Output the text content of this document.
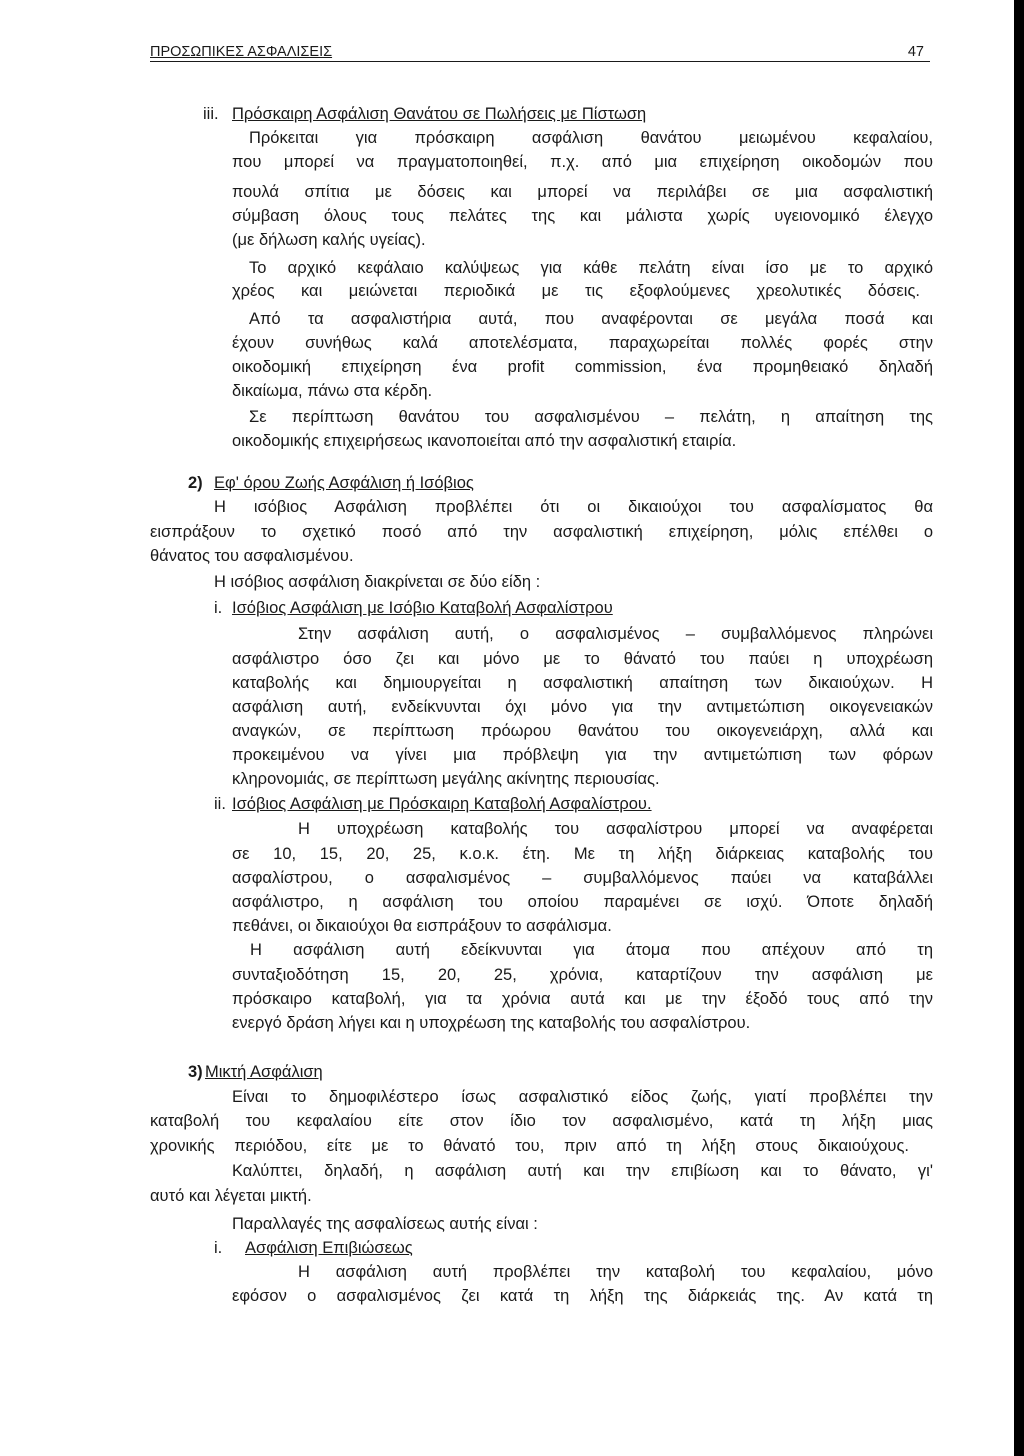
ΠΡΟΣΩΠΙΚΕΣ ΑΣΦΑΛΙΣΕΙΣ	47
iii. Πρόσκαιρη Ασφάλιση Θανάτου σε Πωλήσεις με Πίστωση
Πρόκειται για πρόσκαιρη ασφάλιση θανάτου μειωμένου κεφαλαίου,
που μπορεί να πραγματοποιηθεί, π.χ. από μια επιχείρηση οικοδομών που
πουλά σπίτια με δόσεις και μπορεί να περιλάβει σε μια ασφαλιστική
σύμβαση όλους τους πελάτες της και μάλιστα χωρίς υγειονομικό έλεγχο
(με δήλωση καλής υγείας).
Το αρχικό κεφάλαιο καλύψεως για κάθε πελάτη είναι ίσο με το αρχικό
χρέος και μειώνεται περιοδικά με τις εξοφλούμενες χρεολυτικές δόσεις.
Από τα ασφαλιστήρια αυτά, που αναφέρονται σε μεγάλα ποσά και
έχουν συνήθως καλά αποτελέσματα, παραχωρείται πολλές φορές στην
οικοδομική επιχείρηση ένα profit commission, ένα προμηθειακό δηλαδή
δικαίωμα, πάνω στα κέρδη.
Σε περίπτωση θανάτου του ασφαλισμένου – πελάτη, η απαίτηση της
οικοδομικής επιχειρήσεως ικανοποιείται από την ασφαλιστική εταιρία.
2) Εφ' όρου Ζωής Ασφάλιση ή Ισόβιος
Η ισόβιος Ασφάλιση προβλέπει ότι οι δικαιούχοι του ασφαλίσματος θα
εισπράξουν το σχετικό ποσό από την ασφαλιστική επιχείρηση, μόλις επέλθει ο
θάνατος του ασφαλισμένου.
Η ισόβιος ασφάλιση διακρίνεται σε δύο είδη :
i. Ισόβιος Ασφάλιση με Ισόβιο Καταβολή Ασφαλίστρου
Στην ασφάλιση αυτή, ο ασφαλισμένος – συμβαλλόμενος πληρώνει
ασφάλιστρο όσο ζει και μόνο με το θάνατό του παύει η υποχρέωση
καταβολής και δημιουργείται η ασφαλιστική απαίτηση των δικαιούχων. Η
ασφάλιση αυτή, ενδείκνυνται όχι μόνο για την αντιμετώπιση οικογενειακών
αναγκών, σε περίπτωση πρόωρου θανάτου του οικογενειάρχη, αλλά και
προκειμένου να γίνει μια πρόβλεψη για την αντιμετώπιση των φόρων
κληρονομιάς, σε περίπτωση μεγάλης ακίνητης περιουσίας.
ii. Ισόβιος Ασφάλιση με Πρόσκαιρη Καταβολή Ασφαλίστρου.
Η υποχρέωση καταβολής του ασφαλίστρου μπορεί να αναφέρεται
σε 10, 15, 20, 25, κ.ο.κ. έτη. Με τη λήξη διάρκειας καταβολής του
ασφαλίστρου, ο ασφαλισμένος – συμβαλλόμενος παύει να καταβάλλει
ασφάλιστρο, η ασφάλιση του οποίου παραμένει σε ισχύ. Όποτε δηλαδή
πεθάνει, οι δικαιούχοι θα εισπράξουν το ασφάλισμα.
Η ασφάλιση αυτή εδείκνυνται για άτομα που απέχουν από τη
συνταξιοδότηση 15, 20, 25, χρόνια, καταρτίζουν την ασφάλιση με
πρόσκαιρο καταβολή, για τα χρόνια αυτά και με την έξοδό τους από την
ενεργό δράση λήγει και η υποχρέωση της καταβολής του ασφαλίστρου.
3) Μικτή Ασφάλιση
Είναι το δημοφιλέστερο ίσως ασφαλιστικό είδος ζωής, γιατί προβλέπει την
καταβολή του κεφαλαίου είτε στον ίδιο τον ασφαλισμένο, κατά τη λήξη μιας
χρονικής περιόδου, είτε με το θάνατό του, πριν από τη λήξη στους δικαιούχους.
Καλύπτει, δηλαδή, η ασφάλιση αυτή και την επιβίωση και το θάνατο, γι'
αυτό και λέγεται μικτή.
Παραλλαγές της ασφαλίσεως αυτής είναι :
i. Ασφάλιση Επιβιώσεως
Η ασφάλιση αυτή προβλέπει την καταβολή του κεφαλαίου, μόνο
εφόσον ο ασφαλισμένος ζει κατά τη λήξη της διάρκειάς της. Αν κατά τη
